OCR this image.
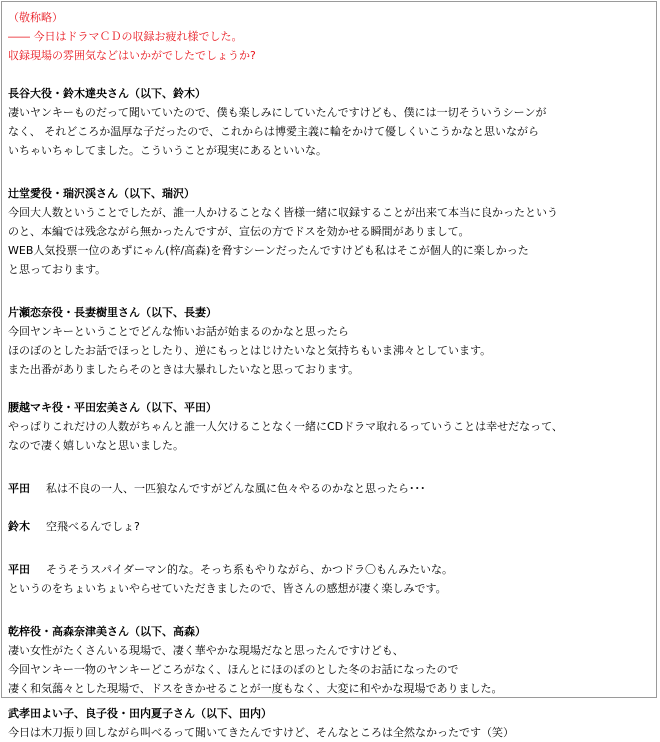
（敬称略）
―― 今日はドラマＣＤの収録お疲れ様でした。
収録現場の雰囲気などはいかがでしたでしょうか?
長谷大役・鈴木達央さん（以下、鈴木）
凄いヤンキーものだって聞いていたので、僕も楽しみにしていたんですけども、僕には一切そういうシーンが
なく、 それどころか温厚な子だったので、これからは博愛主義に輪をかけて優しくいこうかなと思いながら
いちゃいちゃしてました。こういうことが現実にあるといいな。
辻堂愛役・瑞沢渓さん（以下、瑞沢）
今回大人数ということでしたが、誰一人かけることなく皆様一緒に収録することが出来て本当に良かったという
のと、本編では残念ながら無かったんですが、宣伝の方でドスを効かせる瞬間がありまして。
WEB人気投票一位のあずにゃん(梓/高森)を脅すシーンだったんですけども私はそこが個人的に楽しかった
と思っております。
片瀬恋奈役・長妻樹里さん（以下、長妻）
今回ヤンキーということでどんな怖いお話が始まるのかなと思ったら
ほのぼのとしたお話でほっとしたり、逆にもっとはじけたいなと気持ちもいま沸々としています。
また出番がありましたらそのときは大暴れしたいなと思っております。
腰越マキ役・平田宏美さん（以下、平田）
やっぱりこれだけの人数がちゃんと誰一人欠けることなく一緒にCDドラマ取れるっていうことは幸せだなって、
なので凄く嬉しいなと思いました。
平田 私は不良の一人、一匹狼なんですがどんな風に色々やるのかなと思ったら･･･
鈴木 空飛べるんでしょ?
平田 そうそうスパイダーマン的な。そっち系もやりながら、かつドラ〇もんみたいな。
というのをちょいちょいやらせていただきましたので、皆さんの感想が凄く楽しみです。
乾梓役・高森奈津美さん（以下、高森）
凄い女性がたくさんいる現場で、凄く華やかな現場だなと思ったんですけども、
今回ヤンキー一物のヤンキーどころがなく、ほんとにほのぼのとした冬のお話になったので
凄く和気藹々とした現場で、ドスをきかせることが一度もなく、大変に和やかな現場でありました。
武孝田よい子、良子役・田内夏子さん（以下、田内）
今日は木刀振り回しながら叫べるって聞いてきたんですけど、そんなところは全然なかったです（笑）
